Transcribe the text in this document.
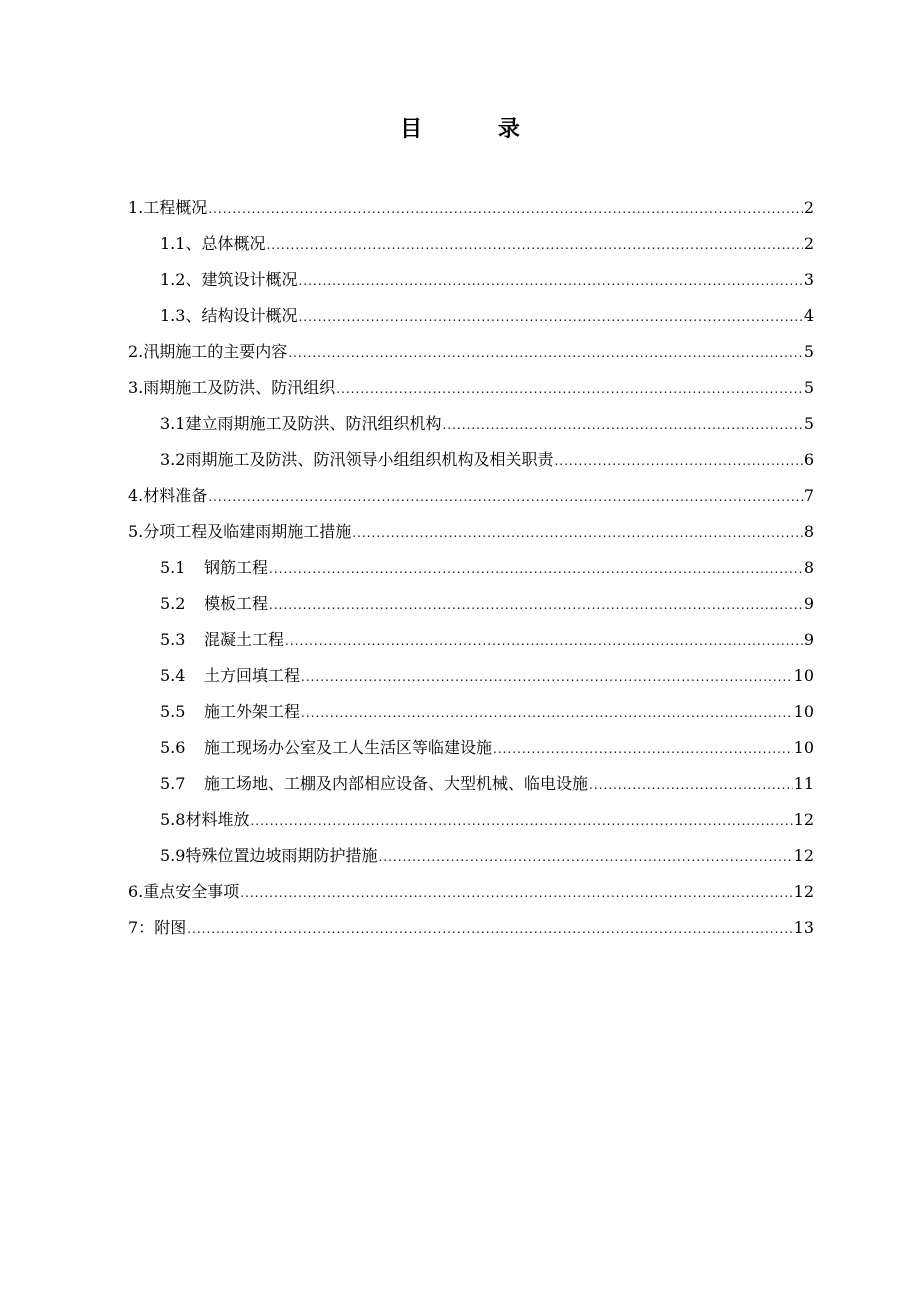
目 录
1.工程概况 .....	2
1.1、总体概况 .....	2
1.2、建筑设计概况 .....	3
1.3、结构设计概况 .....	4
2.汛期施工的主要内容 .....	5
3.雨期施工及防洪、防汛组织 .....	5
3.1建立雨期施工及防洪、防汛组织机构 .....	5
3.2雨期施工及防洪、防汛领导小组组织机构及相关职责 .....	6
4.材料准备 .....	7
5.分项工程及临建雨期施工措施 .....	8
5.1 钢筋工程 .....	8
5.2 模板工程 .....	9
5.3 混凝土工程 .....	9
5.4 土方回填工程 .....	10
5.5 施工外架工程 .....	10
5.6 施工现场办公室及工人生活区等临建设施 .....	10
5.7 施工场地、工棚及内部相应设备、大型机械、临电设施 .....	11
5.8材料堆放 .....	12
5.9特殊位置边坡雨期防护措施 .....	12
6.重点安全事项 .....	12
7：附图 .....	13
